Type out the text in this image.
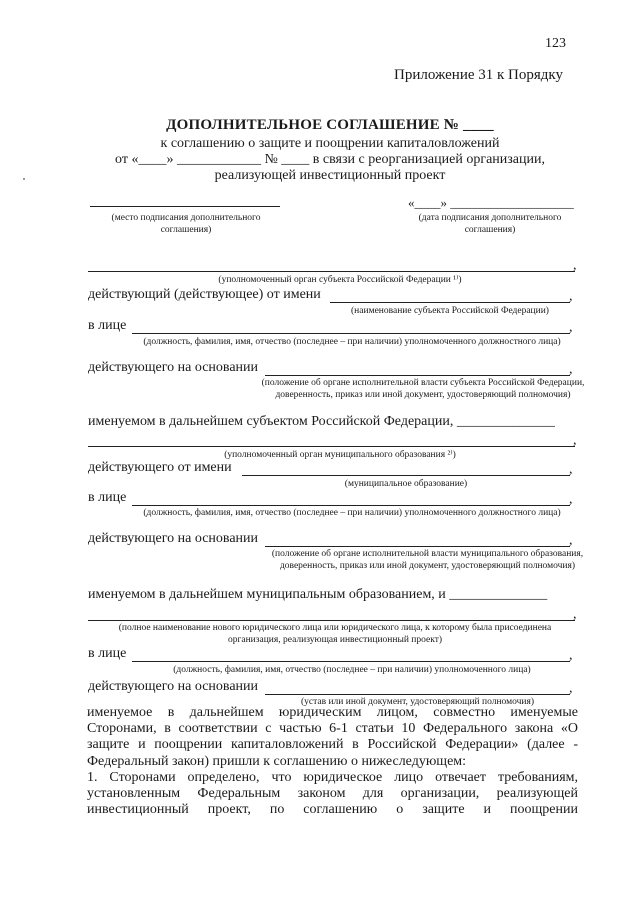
123
Приложение 31 к Порядку
ДОПОЛНИТЕЛЬНОЕ СОГЛАШЕНИЕ № ____
к соглашению о защите и поощрении капиталовложений
от «____» ____________ № ____ в связи с реорганизацией организации,
реализующей инвестиционный проект
(место подписания дополнительного соглашения)
«____» ___________________
(дата подписания дополнительного соглашения)
,
(уполномоченный орган субъекта Российской Федерации ¹⁾)
действующий (действующее) от имени	,
(наименование субъекта Российской Федерации)
в лице	,
(должность, фамилия, имя, отчество (последнее – при наличии) уполномоченного должностного лица)
действующего на основании	,
(положение об органе исполнительной власти субъекта Российской Федерации, доверенность, приказ или иной документ, удостоверяющий полномочия)
именуемом в дальнейшем субъектом Российской Федерации, ______________
,
(уполномоченный орган муниципального образования ²⁾)
действующего от имени	,
(муниципальное образование)
в лице	,
(должность, фамилия, имя, отчество (последнее – при наличии) уполномоченного должностного лица)
действующего на основании	,
(положение об органе исполнительной власти муниципального образования, доверенность, приказ или иной документ, удостоверяющий полномочия)
именуемом в дальнейшем муниципальным образованием, и ______________
,
(полное наименование нового юридического лица или юридического лица, к которому была присоединена организация, реализующая инвестиционный проект)
в лице	,
(должность, фамилия, имя, отчество (последнее – при наличии) уполномоченного лица)
действующего на основании	,
(устав или иной документ, удостоверяющий полномочия)
именуемое в дальнейшем юридическим лицом, совместно именуемые
Сторонами, в соответствии с частью 6-1 статьи 10 Федерального закона «О
защите и поощрении капиталовложений в Российской Федерации» (далее -
Федеральный закон) пришли к соглашению о нижеследующем:
1. Сторонами определено, что юридическое лицо отвечает требованиям,
установленным Федеральным законом для организации, реализующей
инвестиционный проект, по соглашению о защите и поощрении
